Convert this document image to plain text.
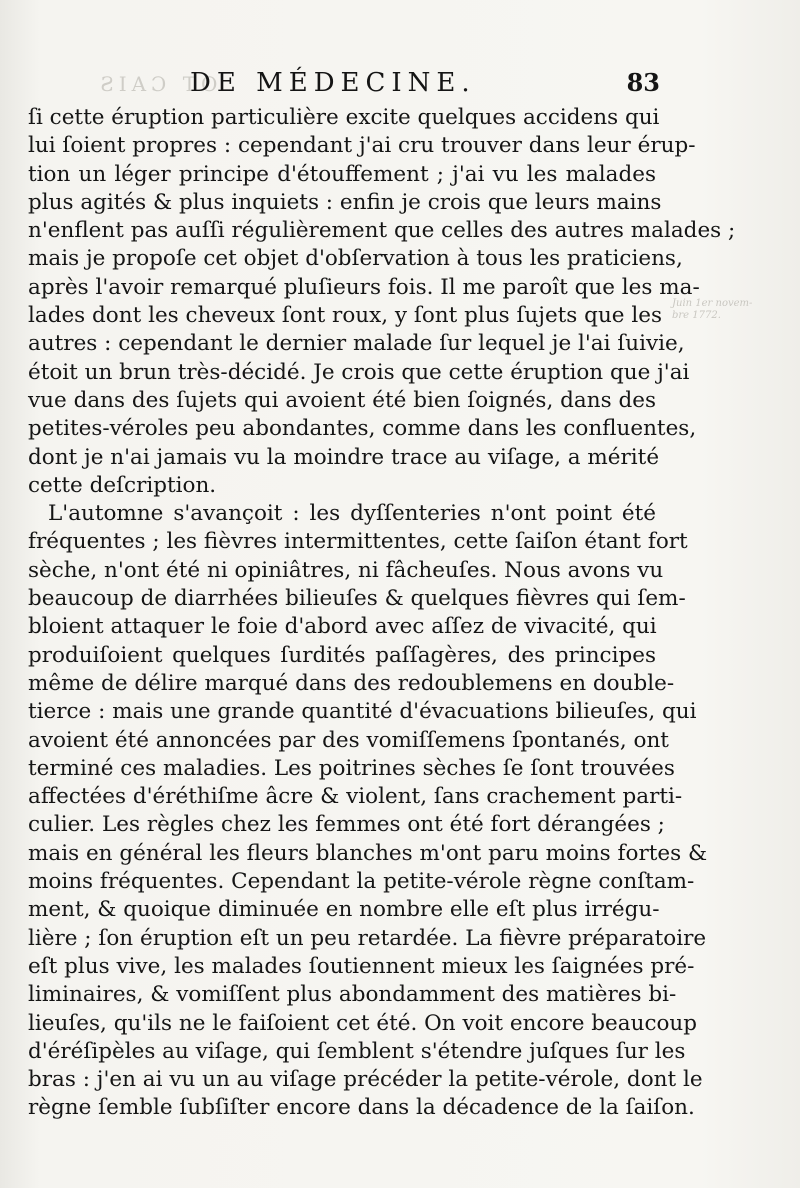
ƧIAƆ TO
Juin 1er novem-
bre 1772.
DE MÉDECINE.	83
ſi cette éruption particulière excite quelques accidens qui
lui ſoient propres : cependant j'ai cru trouver dans leur érup-
tion un léger principe d'étouffement ; j'ai vu les malades
plus agités & plus inquiets : enfin je crois que leurs mains
n'enflent pas auſſi régulièrement que celles des autres malades ;
mais je propoſe cet objet d'obſervation à tous les praticiens,
après l'avoir remarqué pluſieurs fois. Il me paroît que les ma-
lades dont les cheveux ſont roux, y ſont plus ſujets que les
autres : cependant le dernier malade ſur lequel je l'ai ſuivie,
étoit un brun très-décidé. Je crois que cette éruption que j'ai
vue dans des ſujets qui avoient été bien ſoignés, dans des
petites-véroles peu abondantes, comme dans les confluentes,
dont je n'ai jamais vu la moindre trace au viſage, a mérité
cette deſcription.
L'automne s'avançoit : les dyſſenteries n'ont point été
fréquentes ; les fièvres intermittentes, cette ſaiſon étant fort
sèche, n'ont été ni opiniâtres, ni fâcheuſes. Nous avons vu
beaucoup de diarrhées bilieuſes & quelques fièvres qui ſem-
bloient attaquer le foie d'abord avec aſſez de vivacité, qui
produiſoient quelques ſurdités paſſagères, des principes
même de délire marqué dans des redoublemens en double-
tierce : mais une grande quantité d'évacuations bilieuſes, qui
avoient été annoncées par des vomiſſemens ſpontanés, ont
terminé ces maladies. Les poitrines sèches ſe ſont trouvées
affectées d'éréthiſme âcre & violent, ſans crachement parti-
culier. Les règles chez les femmes ont été fort dérangées ;
mais en général les fleurs blanches m'ont paru moins fortes &
moins fréquentes. Cependant la petite-vérole règne conſtam-
ment, & quoique diminuée en nombre elle eſt plus irrégu-
lière ; ſon éruption eſt un peu retardée. La fièvre préparatoire
eſt plus vive, les malades ſoutiennent mieux les ſaignées pré-
liminaires, & vomiſſent plus abondamment des matières bi-
lieuſes, qu'ils ne le faiſoient cet été. On voit encore beaucoup
d'éréſipèles au viſage, qui ſemblent s'étendre juſques ſur les
bras : j'en ai vu un au viſage précéder la petite-vérole, dont le
règne ſemble ſubſiſter encore dans la décadence de la ſaiſon.
